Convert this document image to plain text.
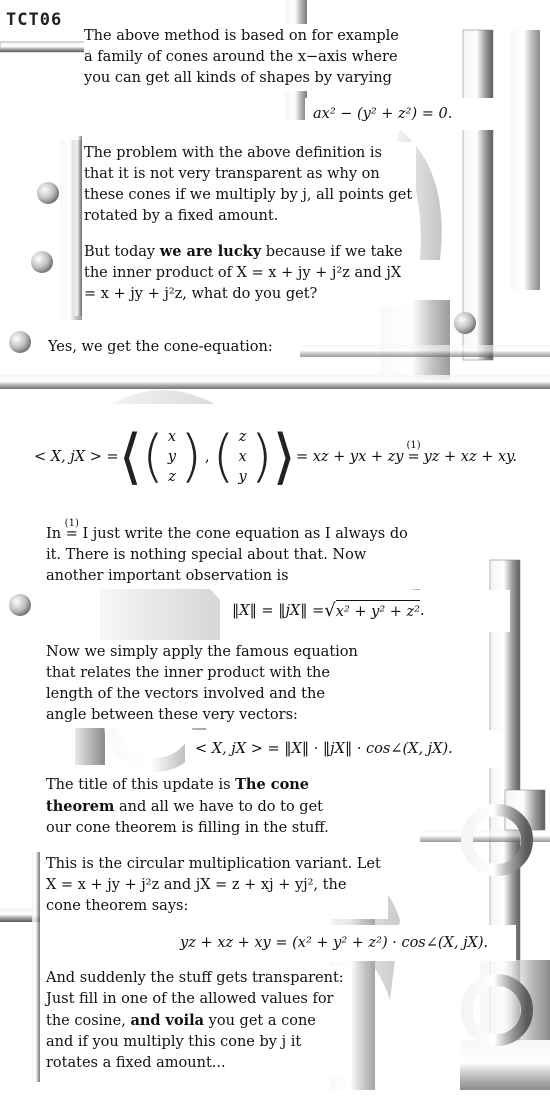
TCT06

The above method is based on for example a family of cones around the x−axis where you can get all kinds of shapes by varying

ax² − (y² + z²) = 0.

The problem with the above definition is that it is not very transparent as why on these cones if we multiply by j, all points get rotated by a fixed amount.

But today we are lucky because if we take the inner product of X = x + jy + j²z and jX = x + jy + j²z, what do you get?

Yes, we get the cone-equation:

< X, jX > = ⟨ ( x
y
z ) , ( z
x
y ) ⟩ = xz + yx + zy
(1)
= yz + xz + xy.

In
(1)
= I just write the cone equation as I always do it. There is nothing special about that. Now another important observation is

‖X‖ = ‖jX‖ = √ x² + y² + z² .

Now we simply apply the famous equation that relates the inner product with the length of the vectors involved and the angle between these very vectors:

< X, jX > = ‖X‖ · ‖jX‖ · cos∠(X, jX).

The title of this update is The cone theorem and all we have to do to get our cone theorem is filling in the stuff.

This is the circular multiplication variant. Let X = x + jy + j²z and jX = z + xj + yj², the cone theorem says:

yz + xz + xy = (x² + y² + z²) · cos∠(X, jX).

And suddenly the stuff gets transparent: Just fill in one of the allowed values for the cosine, and voila you get a cone and if you multiply this cone by j it rotates a fixed amount...
